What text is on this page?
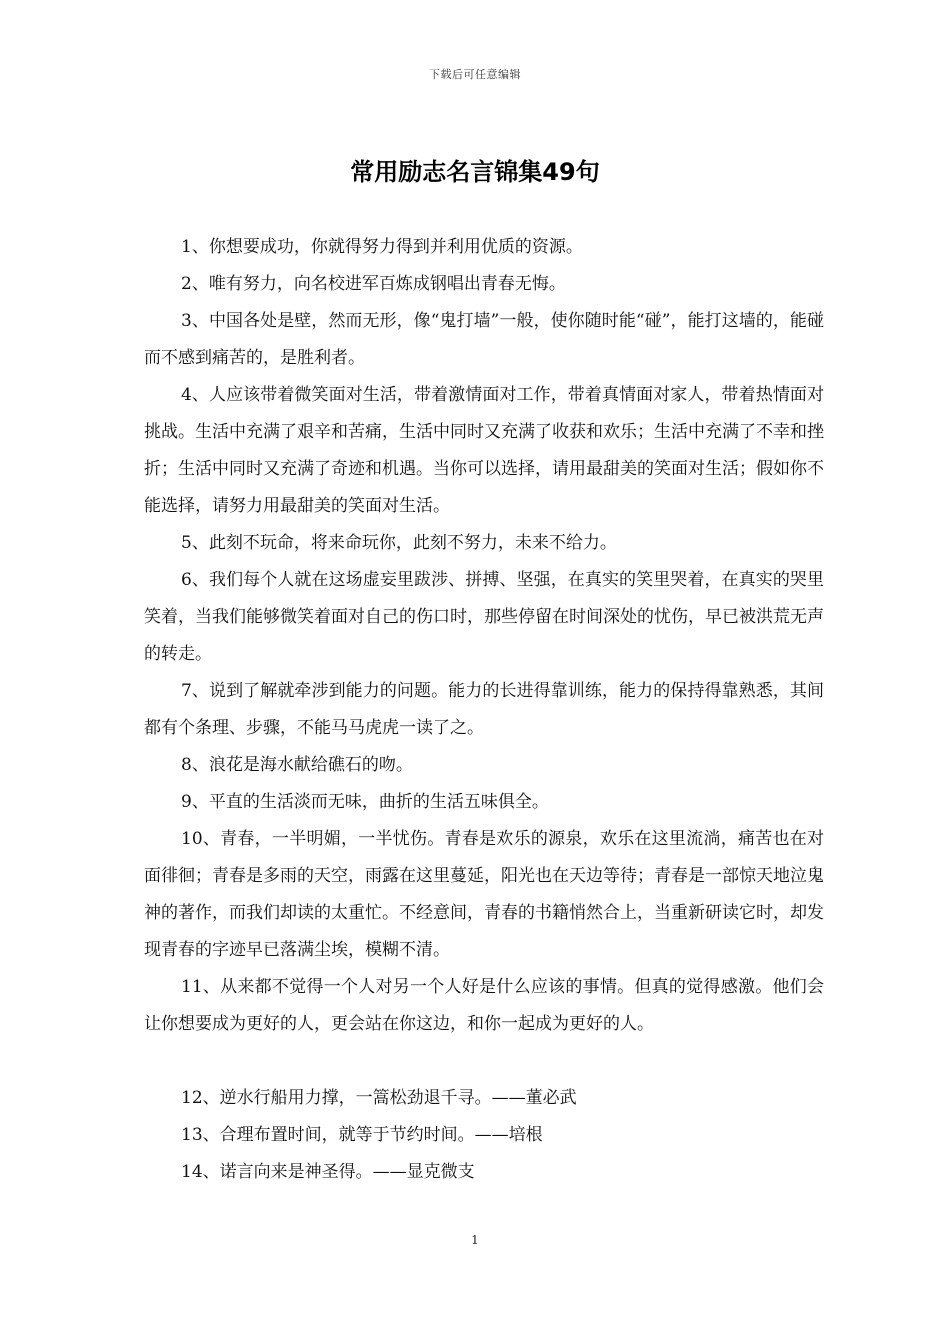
下载后可任意编辑
常用励志名言锦集49句

1、你想要成功，你就得努力得到并利用优质的资源。

2、唯有努力，向名校进军百炼成钢唱出青春无悔。

3、中国各处是壁，然而无形，像“鬼打墙”一般，使你随时能“碰”，能打这墙的，能碰而不感到痛苦的，是胜利者。

4、人应该带着微笑面对生活，带着激情面对工作，带着真情面对家人，带着热情面对挑战。生活中充满了艰辛和苦痛，生活中同时又充满了收获和欢乐；生活中充满了不幸和挫折；生活中同时又充满了奇迹和机遇。当你可以选择，请用最甜美的笑面对生活；假如你不能选择，请努力用最甜美的笑面对生活。

5、此刻不玩命，将来命玩你，此刻不努力，未来不给力。

6、我们每个人就在这场虚妄里跋涉、拼搏、坚强，在真实的笑里哭着，在真实的哭里笑着，当我们能够微笑着面对自己的伤口时，那些停留在时间深处的忧伤，早已被洪荒无声的转走。

7、说到了解就牵涉到能力的问题。能力的长进得靠训练，能力的保持得靠熟悉，其间都有个条理、步骤，不能马马虎虎一读了之。

8、浪花是海水献给礁石的吻。

9、平直的生活淡而无味，曲折的生活五味俱全。

10、青春，一半明媚，一半忧伤。青春是欢乐的源泉，欢乐在这里流淌，痛苦也在对面徘徊；青春是多雨的天空，雨露在这里蔓延，阳光也在天边等待；青春是一部惊天地泣鬼神的著作，而我们却读的太重忙。不经意间，青春的书籍悄然合上，当重新研读它时，却发现青春的字迹早已落满尘埃，模糊不清。

11、从来都不觉得一个人对另一个人好是什么应该的事情。但真的觉得感激。他们会让你想要成为更好的人，更会站在你这边，和你一起成为更好的人。

12、逆水行船用力撑，一篙松劲退千寻。——董必武

13、合理布置时间，就等于节约时间。——培根

14、诺言向来是神圣得。——显克微支

1
